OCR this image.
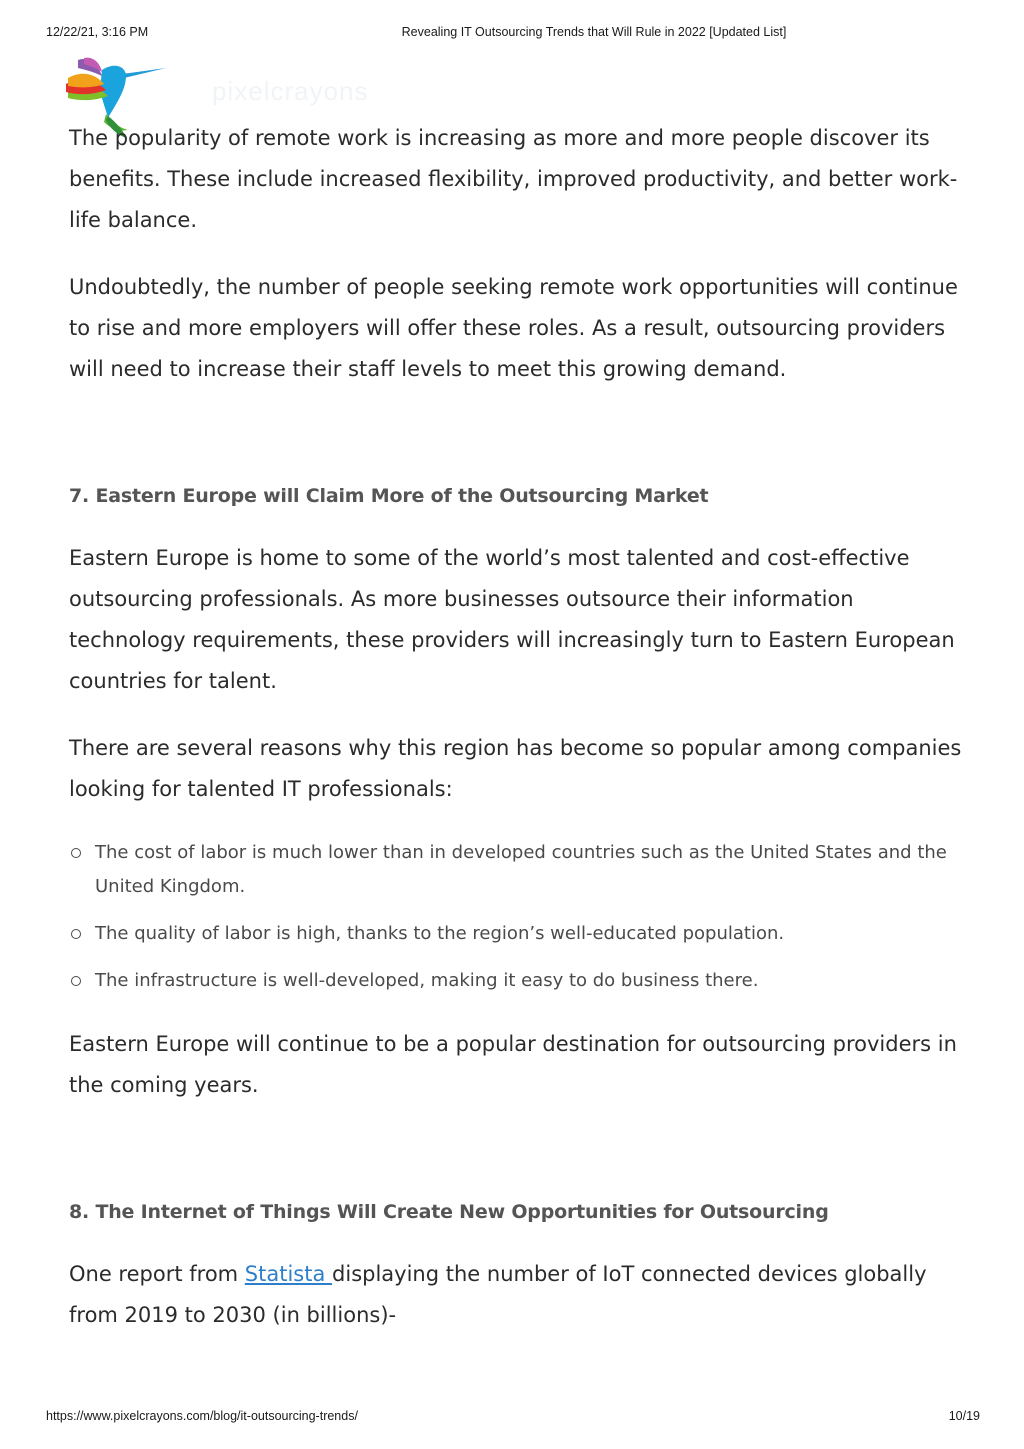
12/22/21, 3:16 PM	Revealing IT Outsourcing Trends that Will Rule in 2022 [Updated List]
pixelcrayons

The popularity of remote work is increasing as more and more people discover its benefits. These include increased flexibility, improved productivity, and better work-life balance.

Undoubtedly, the number of people seeking remote work opportunities will continue to rise and more employers will offer these roles. As a result, outsourcing providers will need to increase their staff levels to meet this growing demand.

7. Eastern Europe will Claim More of the Outsourcing Market

Eastern Europe is home to some of the world’s most talented and cost-effective outsourcing professionals. As more businesses outsource their information technology requirements, these providers will increasingly turn to Eastern European countries for talent.

There are several reasons why this region has become so popular among companies looking for talented IT professionals:

The cost of labor is much lower than in developed countries such as the United States and the United Kingdom.
The quality of labor is high, thanks to the region’s well-educated population.
The infrastructure is well-developed, making it easy to do business there.

Eastern Europe will continue to be a popular destination for outsourcing providers in the coming years.

8. The Internet of Things Will Create New Opportunities for Outsourcing

One report from Statista displaying the number of IoT connected devices globally from 2019 to 2030 (in billions)-

https://www.pixelcrayons.com/blog/it-outsourcing-trends/	10/19
